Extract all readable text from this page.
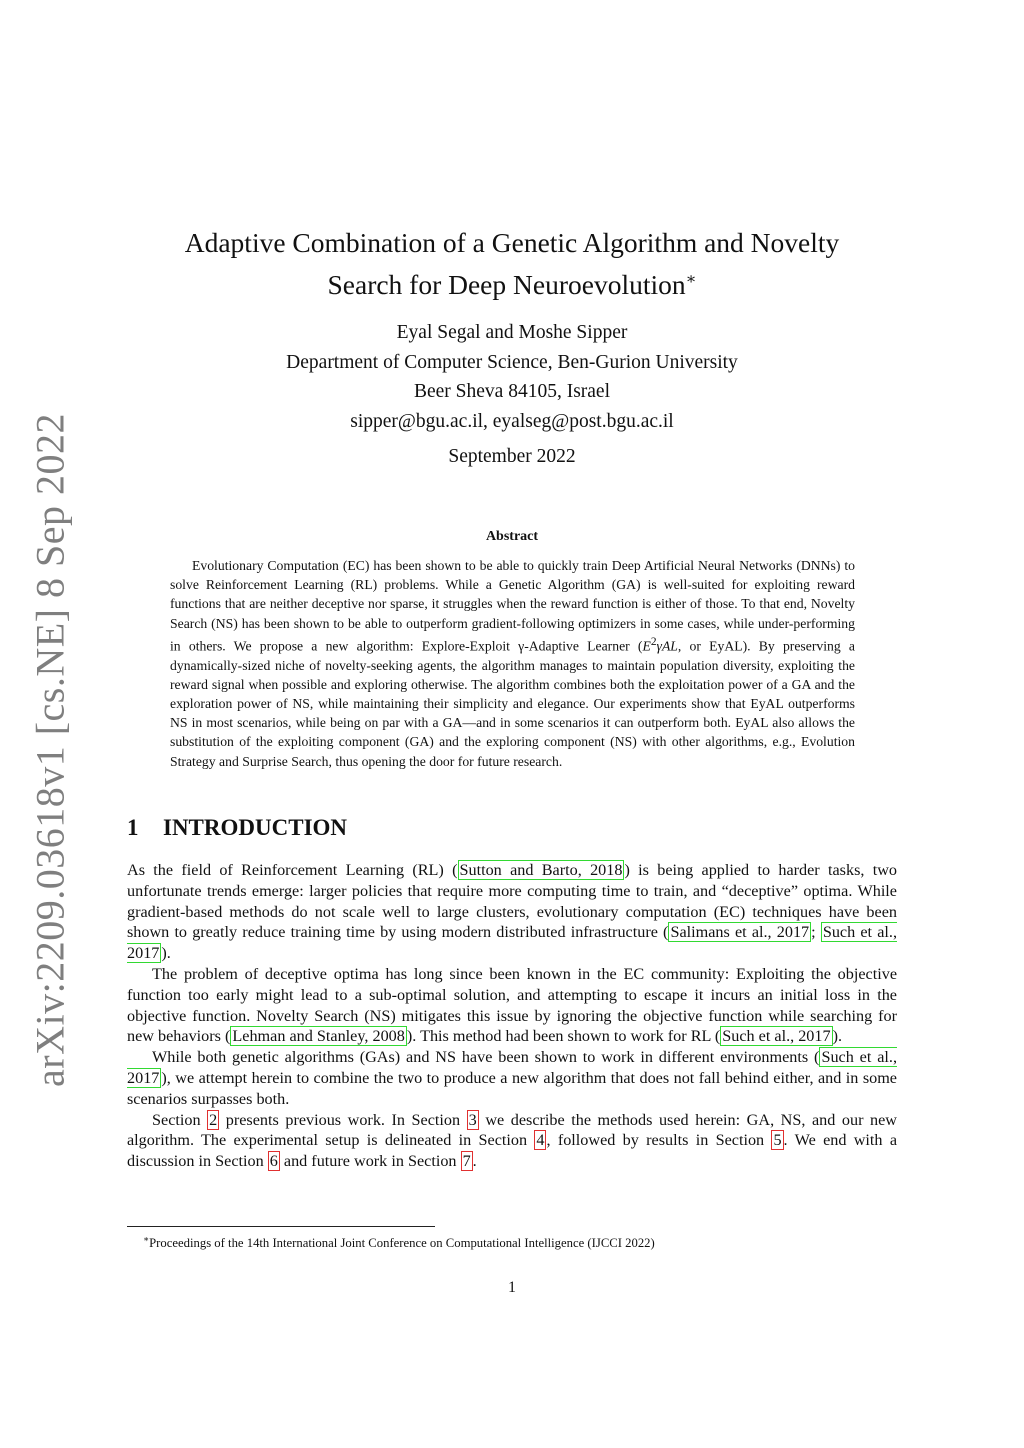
arXiv:2209.03618v1 [cs.NE] 8 Sep 2022
Adaptive Combination of a Genetic Algorithm and Novelty
Search for Deep Neuroevolution∗
Eyal Segal and Moshe Sipper
Department of Computer Science, Ben-Gurion University
Beer Sheva 84105, Israel
sipper@bgu.ac.il, eyalseg@post.bgu.ac.il
September 2022
Abstract

Evolutionary Computation (EC) has been shown to be able to quickly train Deep Artificial Neural Networks (DNNs) to solve Reinforcement Learning (RL) problems. While a Genetic Algorithm (GA) is well-suited for exploiting reward functions that are neither deceptive nor sparse, it struggles when the reward function is either of those. To that end, Novelty Search (NS) has been shown to be able to outperform gradient-following optimizers in some cases, while under-performing in others. We propose a new algorithm: Explore-Exploit γ-Adaptive Learner ($E^2\gamma AL$, or EyAL). By preserving a dynamically-sized niche of novelty-seeking agents, the algorithm manages to maintain population diversity, exploiting the reward signal when possible and exploring otherwise. The algorithm combines both the exploitation power of a GA and the exploration power of NS, while maintaining their simplicity and elegance. Our experiments show that EyAL outperforms NS in most scenarios, while being on par with a GA—and in some scenarios it can outperform both. EyAL also allows the substitution of the exploiting component (GA) and the exploring component (NS) with other algorithms, e.g., Evolution Strategy and Surprise Search, thus opening the door for future research.

1 INTRODUCTION

As the field of Reinforcement Learning (RL) ( Sutton and Barto, 2018 ) is being applied to harder tasks, two unfortunate trends emerge: larger policies that require more computing time to train, and “deceptive” optima. While gradient-based methods do not scale well to large clusters, evolutionary computation (EC) techniques have been shown to greatly reduce training time by using modern distributed infrastructure ( Salimans et al., 2017 ; Such et al., 2017 ).

The problem of deceptive optima has long since been known in the EC community: Exploiting the objective function too early might lead to a sub-optimal solution, and attempting to escape it incurs an initial loss in the objective function. Novelty Search (NS) mitigates this issue by ignoring the objective function while searching for new behaviors ( Lehman and Stanley, 2008 ). This method had been shown to work for RL ( Such et al., 2017 ).

While both genetic algorithms (GAs) and NS have been shown to work in different environments ( Such et al., 2017 ), we attempt herein to combine the two to produce a new algorithm that does not fall behind either, and in some scenarios surpasses both.

Section 2 presents previous work. In Section 3 we describe the methods used herein: GA, NS, and our new algorithm. The experimental setup is delineated in Section 4 , followed by results in Section 5 . We end with a discussion in Section 6 and future work in Section 7 .

∗Proceedings of the 14th International Joint Conference on Computational Intelligence (IJCCI 2022)
1
